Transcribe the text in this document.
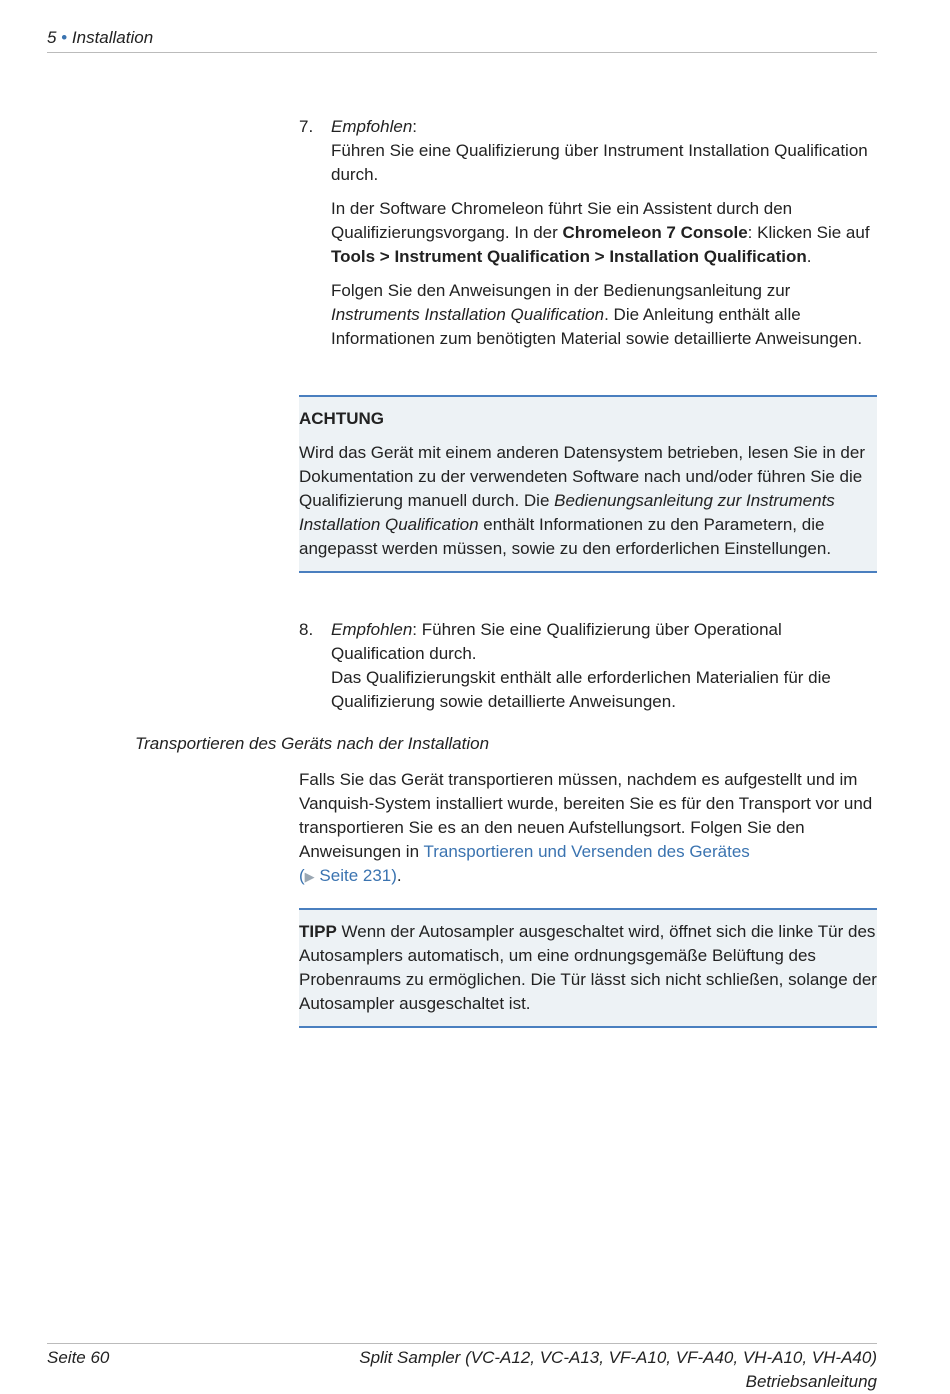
5 • Installation
7. Empfohlen:
Führen Sie eine Qualifizierung über Instrument Installation Qualification durch.

In der Software Chromeleon führt Sie ein Assistent durch den Qualifizierungsvorgang. In der Chromeleon 7 Console: Klicken Sie auf Tools > Instrument Qualification > Installation Qualification.

Folgen Sie den Anweisungen in der Bedienungsanleitung zur Instruments Installation Qualification. Die Anleitung enthält alle Informationen zum benötigten Material sowie detaillierte Anweisungen.

ACHTUNG

Wird das Gerät mit einem anderen Datensystem betrieben, lesen Sie in der Dokumentation zu der verwendeten Software nach und/oder führen Sie die Qualifizierung manuell durch. Die Bedienungsanleitung zur Instruments Installation Qualification enthält Informationen zu den Parametern, die angepasst werden müssen, sowie zu den erforderlichen Einstellungen.

8. Empfohlen: Führen Sie eine Qualifizierung über Operational Qualification durch.
Das Qualifizierungskit enthält alle erforderlichen Materialien für die Qualifizierung sowie detaillierte Anweisungen.

Transportieren des Geräts nach der Installation

Falls Sie das Gerät transportieren müssen, nachdem es aufgestellt und im Vanquish-System installiert wurde, bereiten Sie es für den Transport vor und transportieren Sie es an den neuen Aufstellungsort. Folgen Sie den Anweisungen in Transportieren und Versenden des Gerätes
(▶ Seite 231).

TIPP Wenn der Autosampler ausgeschaltet wird, öffnet sich die linke Tür des Autosamplers automatisch, um eine ordnungsgemäße Belüftung des Probenraums zu ermöglichen. Die Tür lässt sich nicht schließen, solange der Autosampler ausgeschaltet ist.

Seite 60	Split Sampler (VC-A12, VC-A13, VF-A10, VF-A40, VH-A10, VH-A40)
Betriebsanleitung
